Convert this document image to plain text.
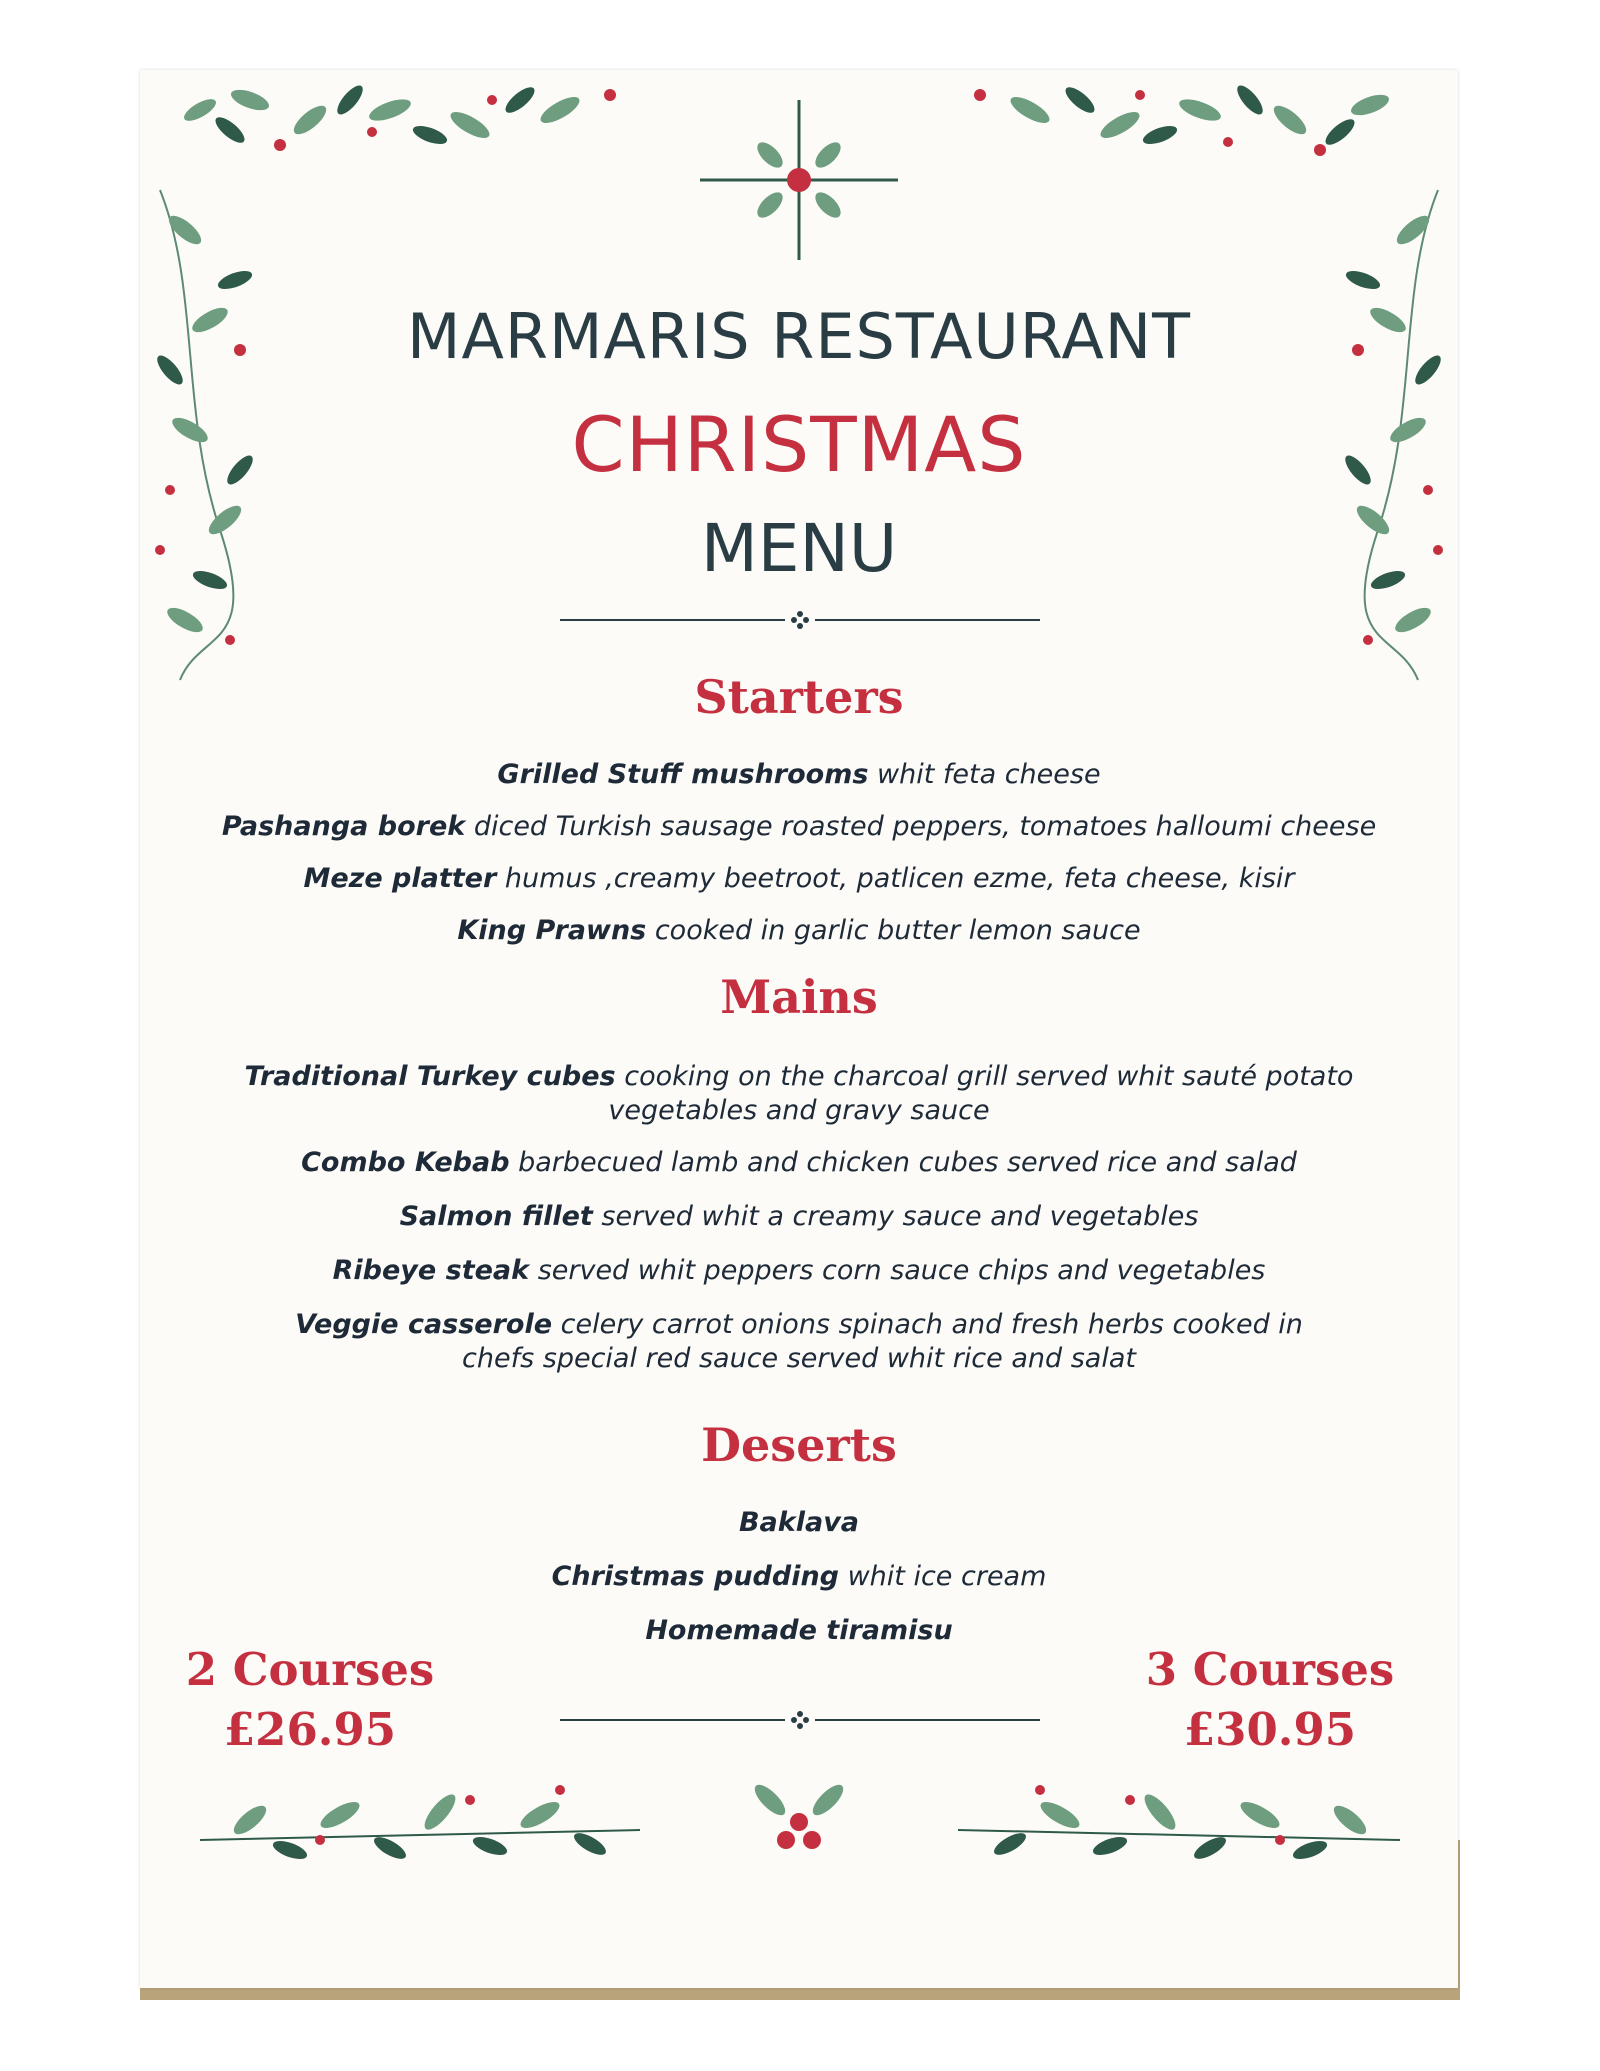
MARMARIS RESTAURANT
CHRISTMAS
MENU
Starters
Grilled Stuff mushrooms whit feta cheese
Pashanga borek diced Turkish sausage roasted peppers, tomatoes halloumi cheese
Meze platter humus ,creamy beetroot, patlicen ezme, feta cheese, kisir
King Prawns cooked in garlic butter lemon sauce
Mains
Traditional Turkey cubes cooking on the charcoal grill served whit sauté potato
vegetables and gravy sauce
Combo Kebab barbecued lamb and chicken cubes served rice and salad
Salmon fillet served whit a creamy sauce and vegetables
Ribeye steak served whit peppers corn sauce chips and vegetables
Veggie casserole celery carrot onions spinach and fresh herbs cooked in
chefs special red sauce served whit rice and salat
Deserts
Baklava
Christmas pudding whit ice cream
Homemade tiramisu
2 Courses
£26.95
3 Courses
£30.95
